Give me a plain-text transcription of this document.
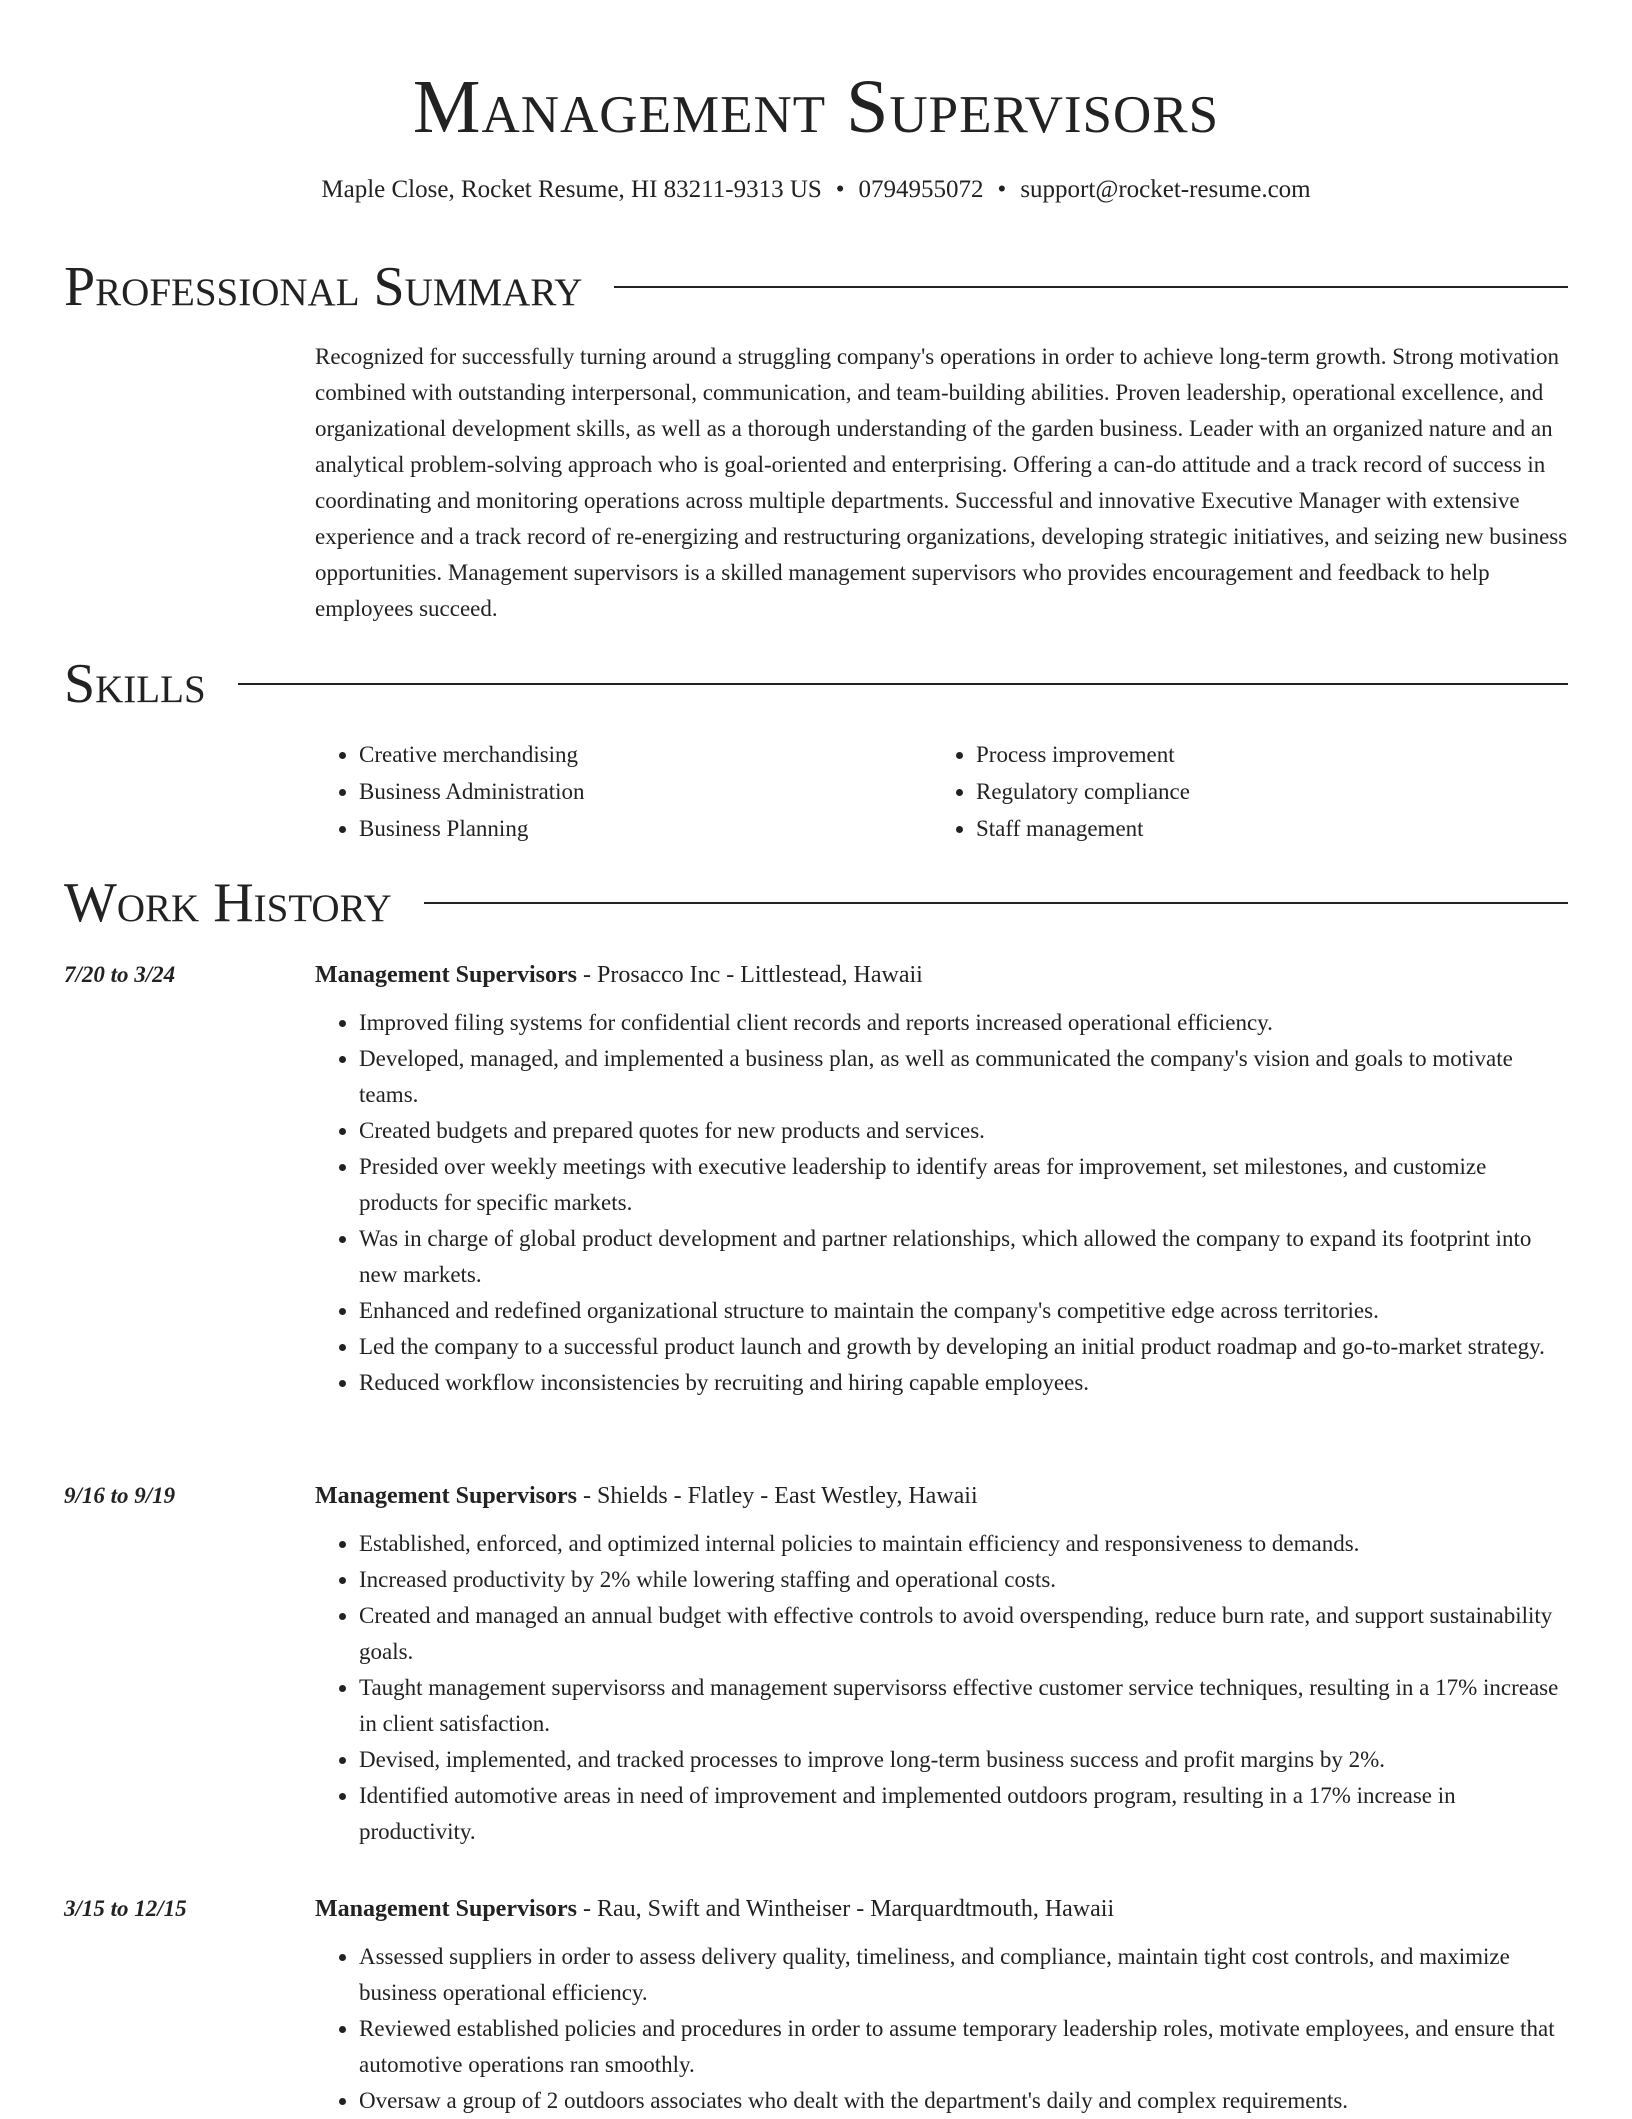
Management Supervisors
Maple Close, Rocket Resume, HI 83211-9313 US • 0794955072 • support@rocket-resume.com
Professional Summary

Recognized for successfully turning around a struggling company's operations in order to achieve long-term growth. Strong motivation combined with outstanding interpersonal, communication, and team-building abilities. Proven leadership, operational excellence, and organizational development skills, as well as a thorough understanding of the garden business. Leader with an organized nature and an analytical problem-solving approach who is goal-oriented and enterprising. Offering a can-do attitude and a track record of success in coordinating and monitoring operations across multiple departments. Successful and innovative Executive Manager with extensive experience and a track record of re-energizing and restructuring organizations, developing strategic initiatives, and seizing new business opportunities. Management supervisors is a skilled management supervisors who provides encouragement and feedback to help employees succeed.

Skills
• Creative merchandising
• Business Administration
• Business Planning
• Process improvement
• Regulatory compliance
• Staff management
Work History
7/20 to 3/24	Management Supervisors - Prosacco Inc - Littlestead, Hawaii
• Improved filing systems for confidential client records and reports increased operational efficiency.
• Developed, managed, and implemented a business plan, as well as communicated the company's vision and goals to motivate teams.
• Created budgets and prepared quotes for new products and services.
• Presided over weekly meetings with executive leadership to identify areas for improvement, set milestones, and customize products for specific markets.
• Was in charge of global product development and partner relationships, which allowed the company to expand its footprint into new markets.
• Enhanced and redefined organizational structure to maintain the company's competitive edge across territories.
• Led the company to a successful product launch and growth by developing an initial product roadmap and go-to-market strategy.
• Reduced workflow inconsistencies by recruiting and hiring capable employees.
9/16 to 9/19	Management Supervisors - Shields - Flatley - East Westley, Hawaii
• Established, enforced, and optimized internal policies to maintain efficiency and responsiveness to demands.
• Increased productivity by 2% while lowering staffing and operational costs.
• Created and managed an annual budget with effective controls to avoid overspending, reduce burn rate, and support sustainability goals.
• Taught management supervisorss and management supervisorss effective customer service techniques, resulting in a 17% increase in client satisfaction.
• Devised, implemented, and tracked processes to improve long-term business success and profit margins by 2%.
• Identified automotive areas in need of improvement and implemented outdoors program, resulting in a 17% increase in productivity.
3/15 to 12/15	Management Supervisors - Rau, Swift and Wintheiser - Marquardtmouth, Hawaii
• Assessed suppliers in order to assess delivery quality, timeliness, and compliance, maintain tight cost controls, and maximize business operational efficiency.
• Reviewed established policies and procedures in order to assume temporary leadership roles, motivate employees, and ensure that automotive operations ran smoothly.
• Oversaw a group of 2 outdoors associates who dealt with the department's daily and complex requirements.
